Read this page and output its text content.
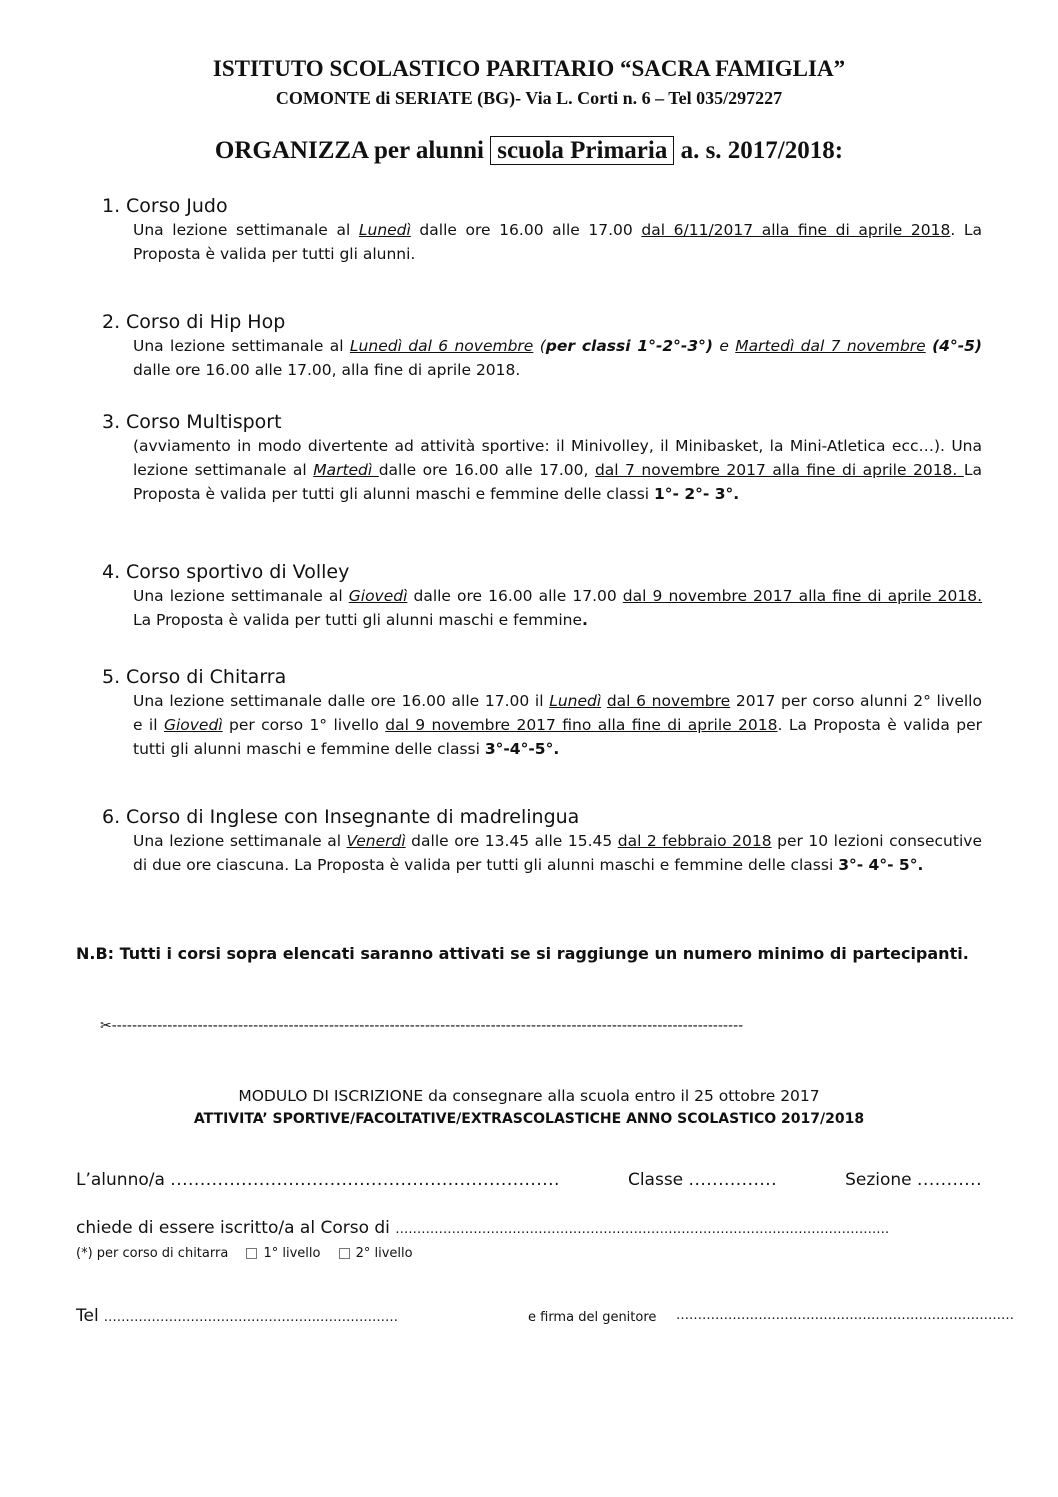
ISTITUTO SCOLASTICO PARITARIO “SACRA FAMIGLIA”
COMONTE di SERIATE (BG)- Via L. Corti n. 6 – Tel 035/297227
ORGANIZZA per alunni scuola Primaria a. s. 2017/2018:
1. Corso Judo
Una lezione settimanale al Lunedì dalle ore 16.00 alle 17.00 dal 6/11/2017 alla fine di aprile 2018. La Proposta è valida per tutti gli alunni.
2. Corso di Hip Hop
Una lezione settimanale al Lunedì dal 6 novembre (per classi 1°-2°-3°) e Martedì dal 7 novembre (4°-5) dalle ore 16.00 alle 17.00, alla fine di aprile 2018.
3. Corso Multisport
(avviamento in modo divertente ad attività sportive: il Minivolley, il Minibasket, la Mini-Atletica ecc…). Una lezione settimanale al Martedì dalle ore 16.00 alle 17.00, dal 7 novembre 2017 alla fine di aprile 2018. La Proposta è valida per tutti gli alunni maschi e femmine delle classi 1°- 2°- 3°.
4. Corso sportivo di Volley
Una lezione settimanale al Giovedì dalle ore 16.00 alle 17.00 dal 9 novembre 2017 alla fine di aprile 2018. La Proposta è valida per tutti gli alunni maschi e femmine.
5. Corso di Chitarra
Una lezione settimanale dalle ore 16.00 alle 17.00 il Lunedì dal 6 novembre 2017 per corso alunni 2° livello e il Giovedì per corso 1° livello dal 9 novembre 2017 fino alla fine di aprile 2018. La Proposta è valida per tutti gli alunni maschi e femmine delle classi 3°-4°-5°.
6. Corso di Inglese con Insegnante di madrelingua
Una lezione settimanale al Venerdì dalle ore 13.45 alle 15.45 dal 2 febbraio 2018 per 10 lezioni consecutive di due ore ciascuna. La Proposta è valida per tutti gli alunni maschi e femmine delle classi 3°- 4°- 5°.
N.B: Tutti i corsi sopra elencati saranno attivati se si raggiunge un numero minimo di partecipanti.
✂-----------------------------------------------------------------------------------------------------------------------------
MODULO DI ISCRIZIONE da consegnare alla scuola entro il 25 ottobre 2017
ATTIVITA’ SPORTIVE/FACOLTATIVE/EXTRASCOLASTICHE ANNO SCOLASTICO 2017/2018
L’alunno/a ..................................................................	Classe ...............	Sezione ...........
chiede di essere iscritto/a al Corso di ……………………………………………………………………………………………………
(*) per corso di chitarra	1° livello	2° livello
Tel …………………………………………..………………	e firma del genitore ……………………………………………………………………
